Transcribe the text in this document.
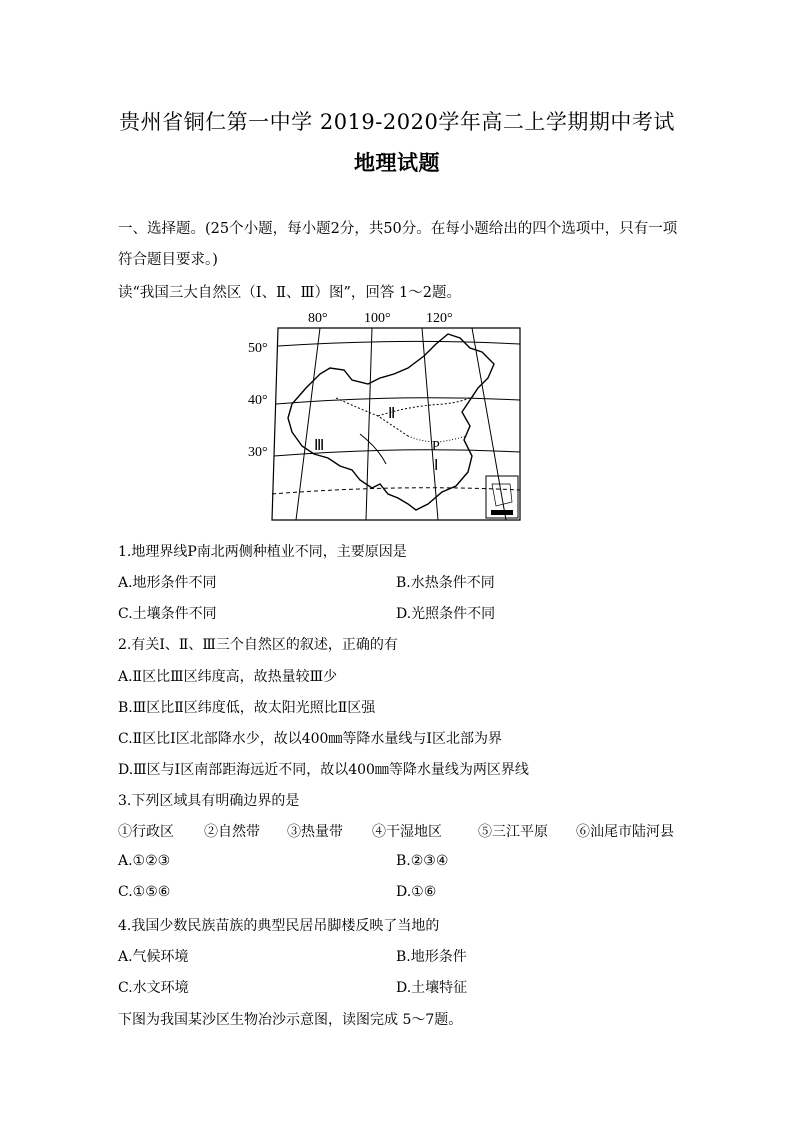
贵州省铜仁第一中学 2019-2020学年高二上学期期中考试
地理试题
一、选择题。(25个小题，每小题2分，共50分。在每小题给出的四个选项中，只有一项
符合题目要求。)
读“我国三大自然区（Ⅰ、Ⅱ、Ⅲ）图”，回答 1～2题。
80°	100°	120°
50°
40°
30°
Ⅱ
Ⅲ	P
Ⅰ
1.地理界线P南北两侧种植业不同，主要原因是
A.地形条件不同	B.水热条件不同
C.土壤条件不同	D.光照条件不同
2.有关Ⅰ、Ⅱ、Ⅲ三个自然区的叙述，正确的有
A.Ⅱ区比Ⅲ区纬度高，故热量较Ⅲ少
B.Ⅲ区比Ⅱ区纬度低，故太阳光照比Ⅱ区强
C.Ⅱ区比Ⅰ区北部降水少，故以400㎜等降水量线与Ⅰ区北部为界
D.Ⅲ区与Ⅰ区南部距海远近不同，故以400㎜等降水量线为两区界线
3.下列区域具有明确边界的是
①行政区 ②自然带 ③热量带 ④干湿地区	⑤三江平原 ⑥汕尾市陆河县
A.①②③	B.②③④
C.①⑤⑥	D.①⑥
4.我国少数民族苗族的典型民居吊脚楼反映了当地的
A.气候环境	B.地形条件
C.水文环境	D.土壤特征
下图为我国某沙区生物冶沙示意图，读图完成 5～7题。
